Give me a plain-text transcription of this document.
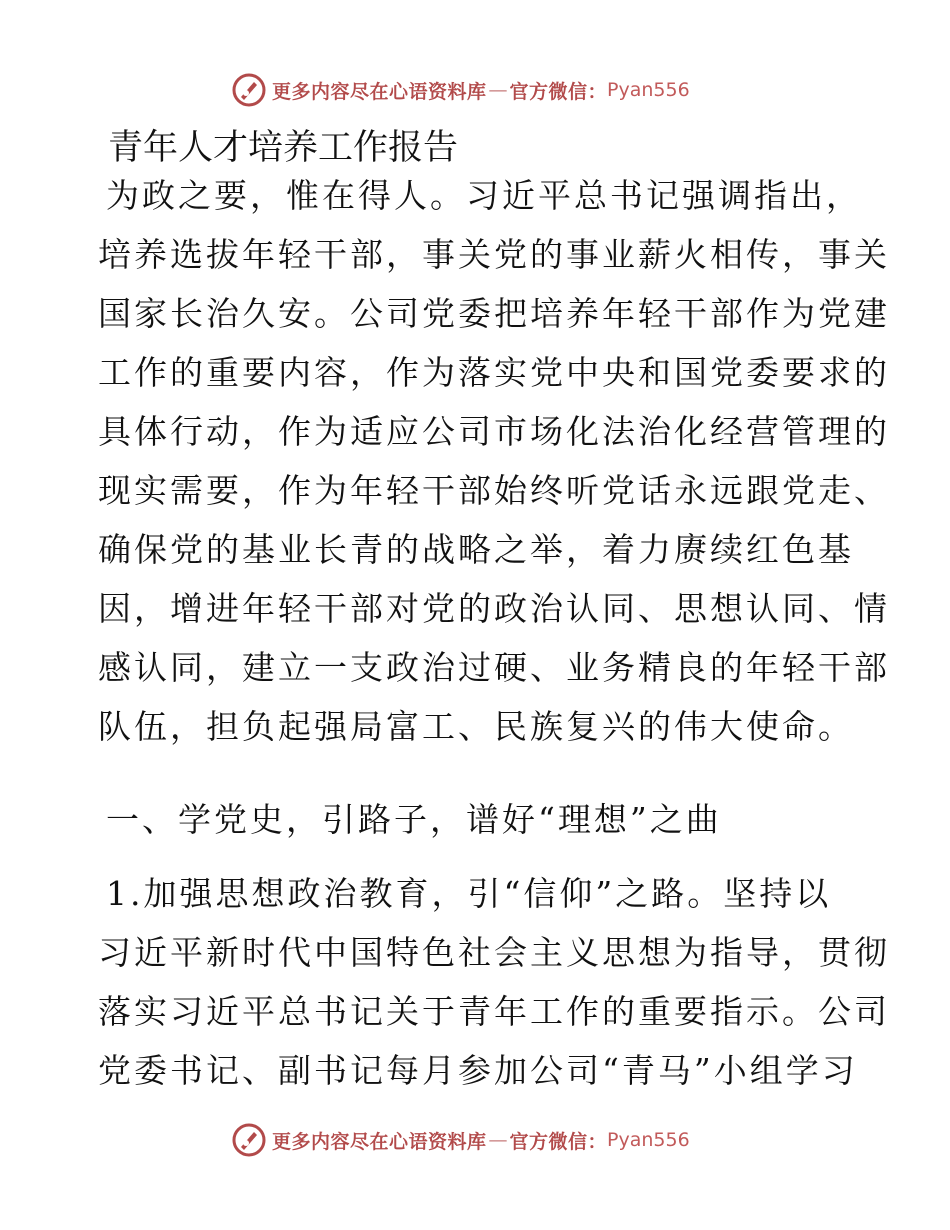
更多内容尽在心语资料库 — 官方微信： Pyan556
青年人才培养工作报告
为政之要，惟在得人。习近平总书记强调指出，
培养选拔年轻干部，事关党的事业薪火相传，事关
国家长治久安。公司党委把培养年轻干部作为党建
工作的重要内容，作为落实党中央和国党委要求的
具体行动，作为适应公司市场化法治化经营管理的
现实需要，作为年轻干部始终听党话永远跟党走、
确保党的基业长青的战略之举，着力赓续红色基
因，增进年轻干部对党的政治认同、思想认同、情
感认同，建立一支政治过硬、业务精良的年轻干部
队伍，担负起强局富工、民族复兴的伟大使命。
一、学党史，引路子，谱好“理想”之曲
1.加强思想政治教育，引“信仰”之路。坚持以
习近平新时代中国特色社会主义思想为指导，贯彻
落实习近平总书记关于青年工作的重要指示。公司
党委书记、副书记每月参加公司“青马”小组学习
更多内容尽在心语资料库 — 官方微信： Pyan556
